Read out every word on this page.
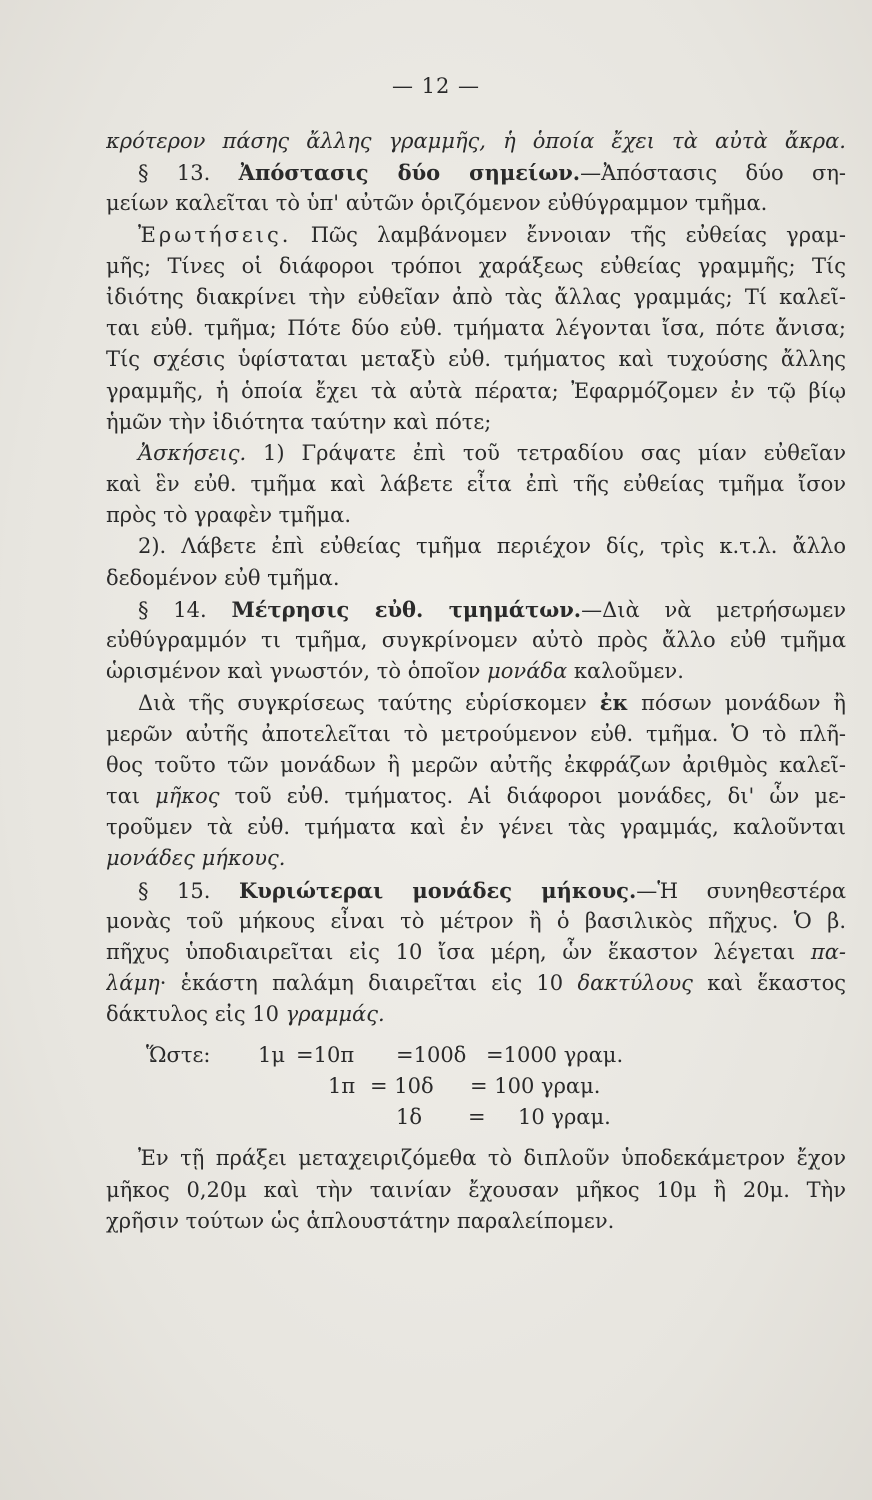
— 12 —
κρότερον πάσης ἄλλης γραμμῆς, ἡ ὁποία ἔχει τὰ αὐτὰ ἄκρα.
§ 13. Ἀπόστασις δύο σημείων.—Ἀπόστασις δύο ση-
μείων καλεῖται τὸ ὑπ' αὐτῶν ὁριζόμενον εὐθύγραμμον τμῆμα.
Ἐρωτήσεις. Πῶς λαμβάνομεν ἔννοιαν τῆς εὐθείας γραμ-
μῆς; Τίνες οἱ διάφοροι τρόποι χαράξεως εὐθείας γραμμῆς; Τίς
ἰδιότης διακρίνει τὴν εὐθεῖαν ἀπὸ τὰς ἄλλας γραμμάς; Τί καλεῖ-
ται εὐθ. τμῆμα; Πότε δύο εὐθ. τμήματα λέγονται ἴσα, πότε ἄνισα;
Τίς σχέσις ὑφίσταται μεταξὺ εὐθ. τμήματος καὶ τυχούσης ἄλλης
γραμμῆς, ἡ ὁποία ἔχει τὰ αὐτὰ πέρατα; Ἐφαρμόζομεν ἐν τῷ βίῳ
ἡμῶν τὴν ἰδιότητα ταύτην καὶ πότε;
Ἀσκήσεις. 1) Γράψατε ἐπὶ τοῦ τετραδίου σας μίαν εὐθεῖαν
καὶ ἓν εὐθ. τμῆμα καὶ λάβετε εἶτα ἐπὶ τῆς εὐθείας τμῆμα ἴσον
πρὸς τὸ γραφὲν τμῆμα.
2). Λάβετε ἐπὶ εὐθείας τμῆμα περιέχον δίς, τρὶς κ.τ.λ. ἄλλο
δεδομένον εὐθ τμῆμα.
§ 14. Μέτρησις εὐθ. τμημάτων.—Διὰ νὰ μετρήσωμεν
εὐθύγραμμόν τι τμῆμα, συγκρίνομεν αὐτὸ πρὸς ἄλλο εὐθ τμῆμα
ὡρισμένον καὶ γνωστόν, τὸ ὁποῖον μονάδα καλοῦμεν.
Διὰ τῆς συγκρίσεως ταύτης εὑρίσκομεν ἐκ πόσων μονάδων ἢ
μερῶν αὐτῆς ἀποτελεῖται τὸ μετρούμενον εὐθ. τμῆμα. Ὁ τὸ πλῆ-
θος τοῦτο τῶν μονάδων ἢ μερῶν αὐτῆς ἐκφράζων ἀριθμὸς καλεῖ-
ται μῆκος τοῦ εὐθ. τμήματος. Αἱ διάφοροι μονάδες, δι' ὧν με-
τροῦμεν τὰ εὐθ. τμήματα καὶ ἐν γένει τὰς γραμμάς, καλοῦνται
μονάδες μήκους.
§ 15. Κυριώτεραι μονάδες μήκους.—Ἡ συνηθεστέρα
μονὰς τοῦ μήκους εἶναι τὸ μέτρον ἢ ὁ βασιλικὸς πῆχυς. Ὁ β.
πῆχυς ὑποδιαιρεῖται εἰς 10 ἴσα μέρη, ὧν ἕκαστον λέγεται πα-
λάμη· ἑκάστη παλάμη διαιρεῖται εἰς 10 δακτύλους καὶ ἕκαστος
δάκτυλος εἰς 10 γραμμάς.
Ὥστε: 1μ =10π =100δ =1000 γραμ.
1π = 10δ = 100 γραμ.
1δ = 10 γραμ.
Ἐν τῇ πράξει μεταχειριζόμεθα τὸ διπλοῦν ὑποδεκάμετρον ἔχον
μῆκος 0,20μ καὶ τὴν ταινίαν ἔχουσαν μῆκος 10μ ἢ 20μ. Τὴν
χρῆσιν τούτων ὡς ἁπλουστάτην παραλείπομεν.
